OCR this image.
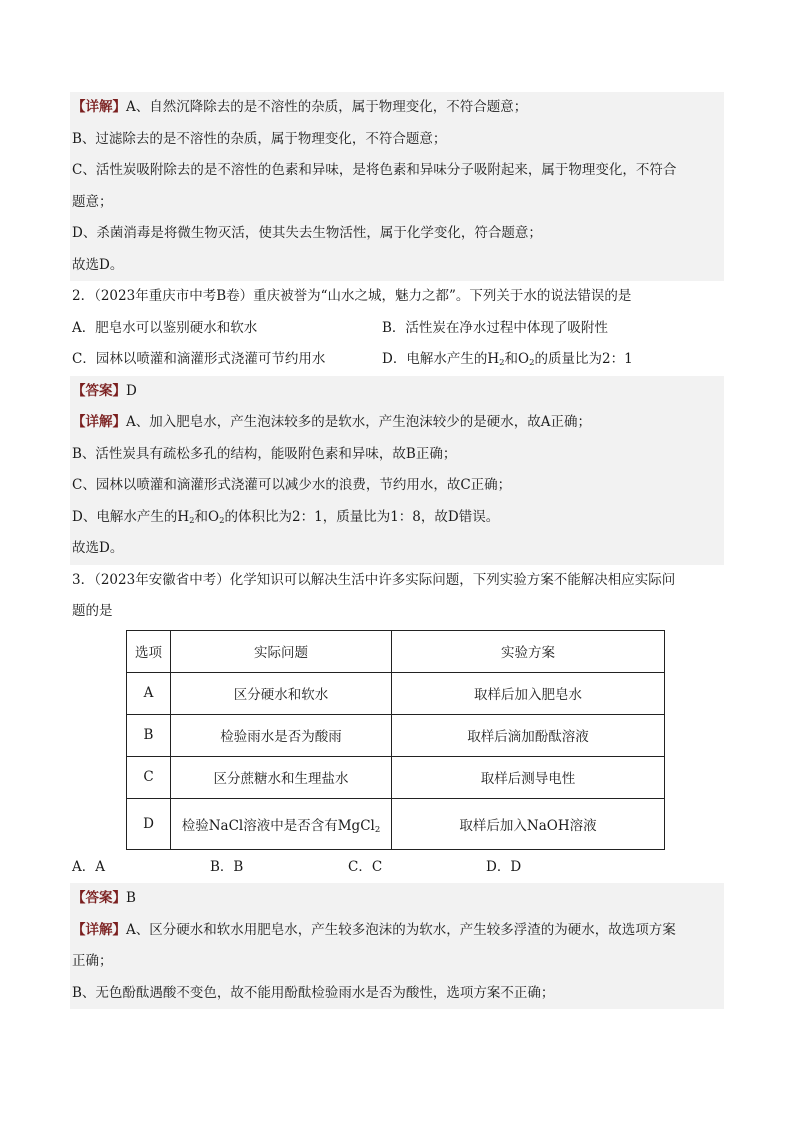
【详解】A、自然沉降除去的是不溶性的杂质，属于物理变化，不符合题意；
B、过滤除去的是不溶性的杂质，属于物理变化，不符合题意；
C、活性炭吸附除去的是不溶性的色素和异味，是将色素和异味分子吸附起来，属于物理变化，不符合
题意；
D、杀菌消毒是将微生物灭活，使其失去生物活性，属于化学变化，符合题意；
故选D。
2．（2023年重庆市中考B卷）重庆被誉为“山水之城，魅力之都”。下列关于水的说法错误的是
A．肥皂水可以鉴别硬水和软水	B．活性炭在净水过程中体现了吸附性
C．园林以喷灌和滴灌形式浇灌可节约用水	D．电解水产生的$H_2$和$O_2$的质量比为2：1
【答案】D
【详解】A、加入肥皂水，产生泡沫较多的是软水，产生泡沫较少的是硬水，故A正确；
B、活性炭具有疏松多孔的结构，能吸附色素和异味，故B正确；
C、园林以喷灌和滴灌形式浇灌可以减少水的浪费，节约用水，故C正确；
D、电解水产生的$H_2$和$O_2$的体积比为2：1，质量比为1：8，故D错误。
故选D。
3．（2023年安徽省中考）化学知识可以解决生活中许多实际问题，下列实验方案不能解决相应实际问
题的是
选项	实际问题	实验方案
A	区分硬水和软水	取样后加入肥皂水
B	检验雨水是否为酸雨	取样后滴加酚酞溶液
C	区分蔗糖水和生理盐水	取样后测导电性
D	检验NaCl溶液中是否含有MgCl$_2$	取样后加入NaOH溶液
A．A	B．B	C．C	D．D
【答案】B
【详解】A、区分硬水和软水用肥皂水，产生较多泡沫的为软水，产生较多浮渣的为硬水，故选项方案
正确；
B、无色酚酞遇酸不变色，故不能用酚酞检验雨水是否为酸性，选项方案不正确；
